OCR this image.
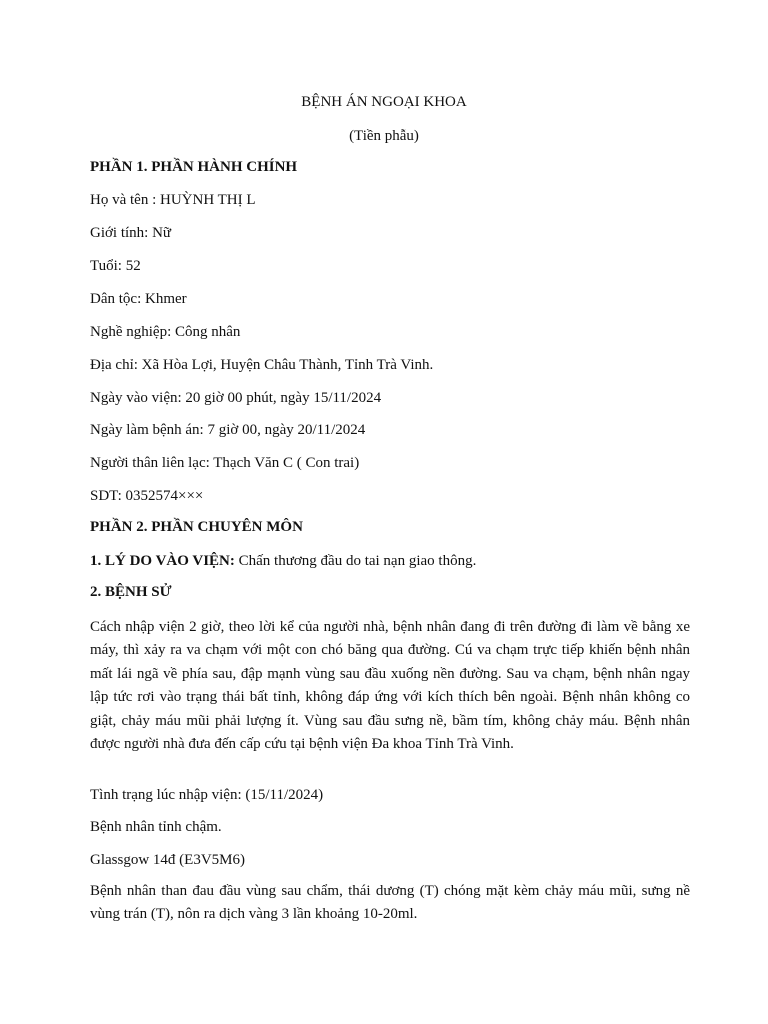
BỆNH ÁN NGOẠI KHOA
(Tiền phẫu)
PHẦN 1. PHẦN HÀNH CHÍNH
Họ và tên : HUỲNH THỊ L
Giới tính: Nữ
Tuổi: 52
Dân tộc: Khmer
Nghề nghiệp: Công nhân
Địa chỉ: Xã Hòa Lợi, Huyện Châu Thành, Tỉnh Trà Vinh.
Ngày vào viện: 20 giờ 00 phút, ngày 15/11/2024
Ngày làm bệnh án: 7 giờ 00, ngày 20/11/2024
Người thân liên lạc: Thạch Văn C ( Con trai)
SDT: 0352574×××
PHẦN 2. PHẦN CHUYÊN MÔN
1. LÝ DO VÀO VIỆN: Chấn thương đầu do tai nạn giao thông.
2. BỆNH SỬ
Cách nhập viện 2 giờ, theo lời kể của người nhà, bệnh nhân đang đi trên đường đi làm về bằng xe máy, thì xảy ra va chạm với một con chó băng qua đường. Cú va chạm trực tiếp khiến bệnh nhân mất lái ngã về phía sau, đập mạnh vùng sau đầu xuống nền đường. Sau va chạm, bệnh nhân ngay lập tức rơi vào trạng thái bất tỉnh, không đáp ứng với kích thích bên ngoài. Bệnh nhân không co giật, chảy máu mũi phải lượng ít. Vùng sau đầu sưng nề, bầm tím, không chảy máu. Bệnh nhân được người nhà đưa đến cấp cứu tại bệnh viện Đa khoa Tỉnh Trà Vinh.
Tình trạng lúc nhập viện: (15/11/2024)
Bệnh nhân tỉnh chậm.
Glassgow 14đ (E3V5M6)
Bệnh nhân than đau đầu vùng sau chẩm, thái dương (T) chóng mặt kèm chảy máu mũi, sưng nề vùng trán (T), nôn ra dịch vàng 3 lần khoảng 10-20ml.
